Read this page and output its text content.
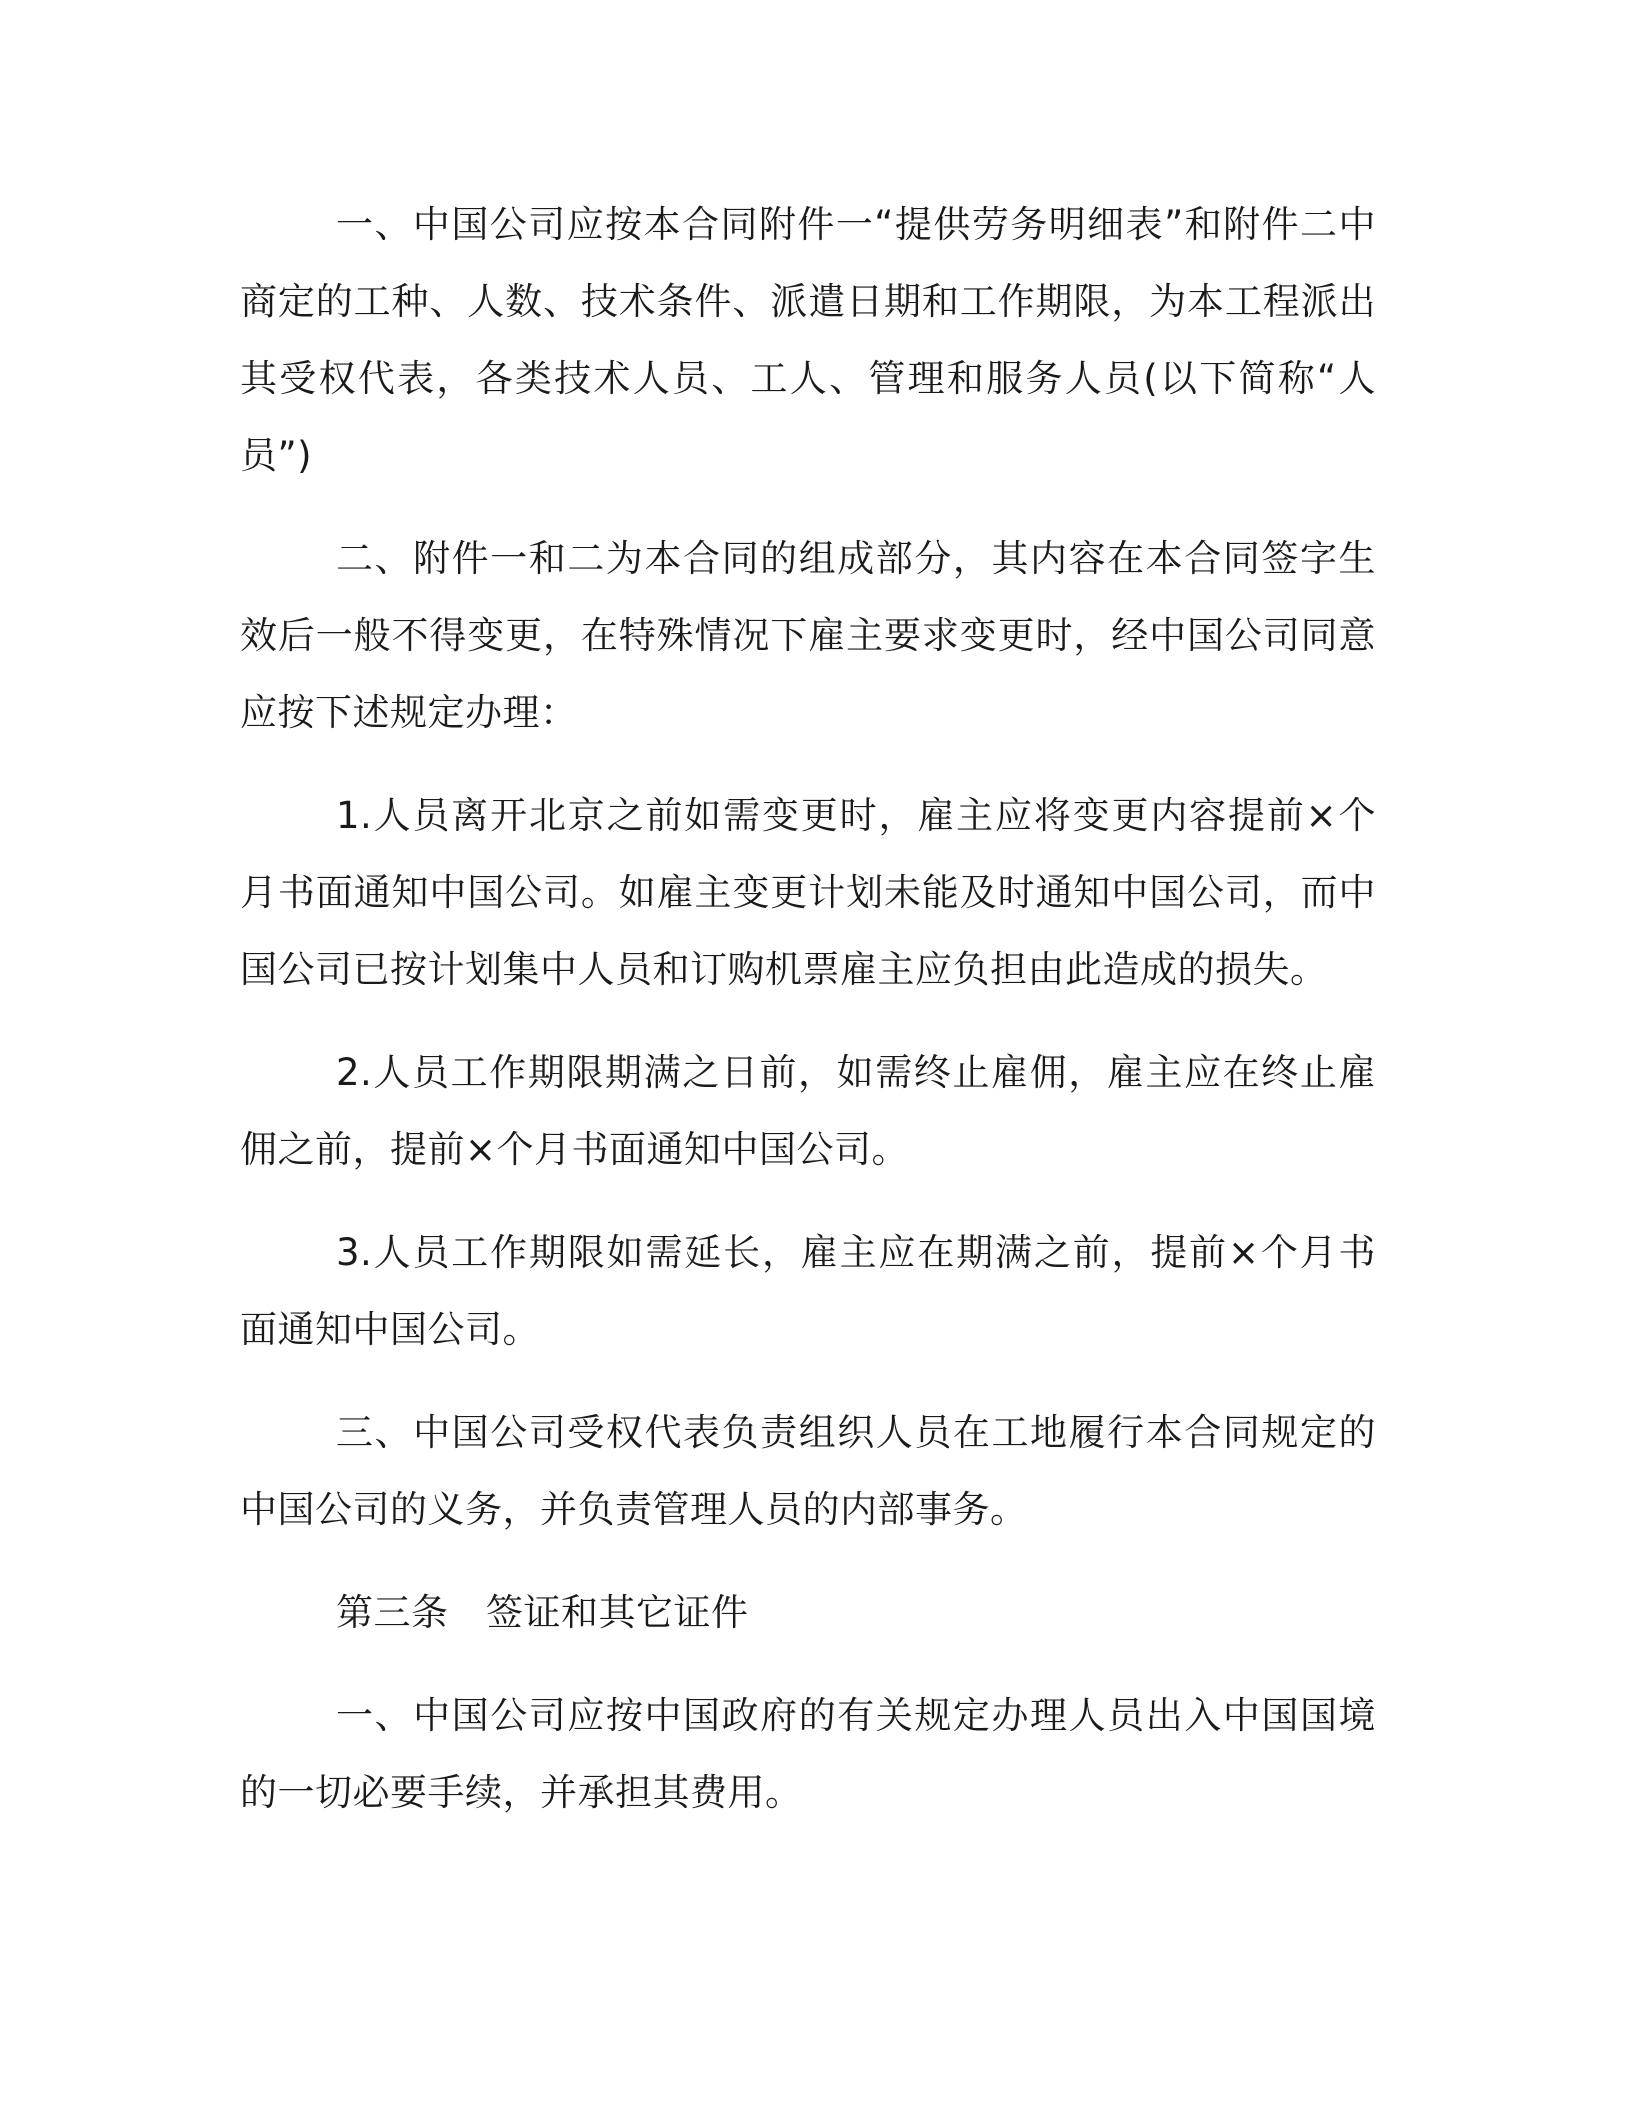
一、中国公司应按本合同附件一“提供劳务明细表”和附件二中商定的工种、人数、技术条件、派遣日期和工作期限，为本工程派出其受权代表，各类技术人员、工人、管理和服务人员(以下简称“人员”)

二、附件一和二为本合同的组成部分，其内容在本合同签字生效后一般不得变更，在特殊情况下雇主要求变更时，经中国公司同意应按下述规定办理：

1.人员离开北京之前如需变更时，雇主应将变更内容提前×个月书面通知中国公司。如雇主变更计划未能及时通知中国公司，而中国公司已按计划集中人员和订购机票雇主应负担由此造成的损失。

2.人员工作期限期满之日前，如需终止雇佣，雇主应在终止雇佣之前，提前×个月书面通知中国公司。

3.人员工作期限如需延长，雇主应在期满之前，提前×个月书面通知中国公司。

三、中国公司受权代表负责组织人员在工地履行本合同规定的中国公司的义务，并负责管理人员的内部事务。

第三条　签证和其它证件

一、中国公司应按中国政府的有关规定办理人员出入中国国境的一切必要手续，并承担其费用。
